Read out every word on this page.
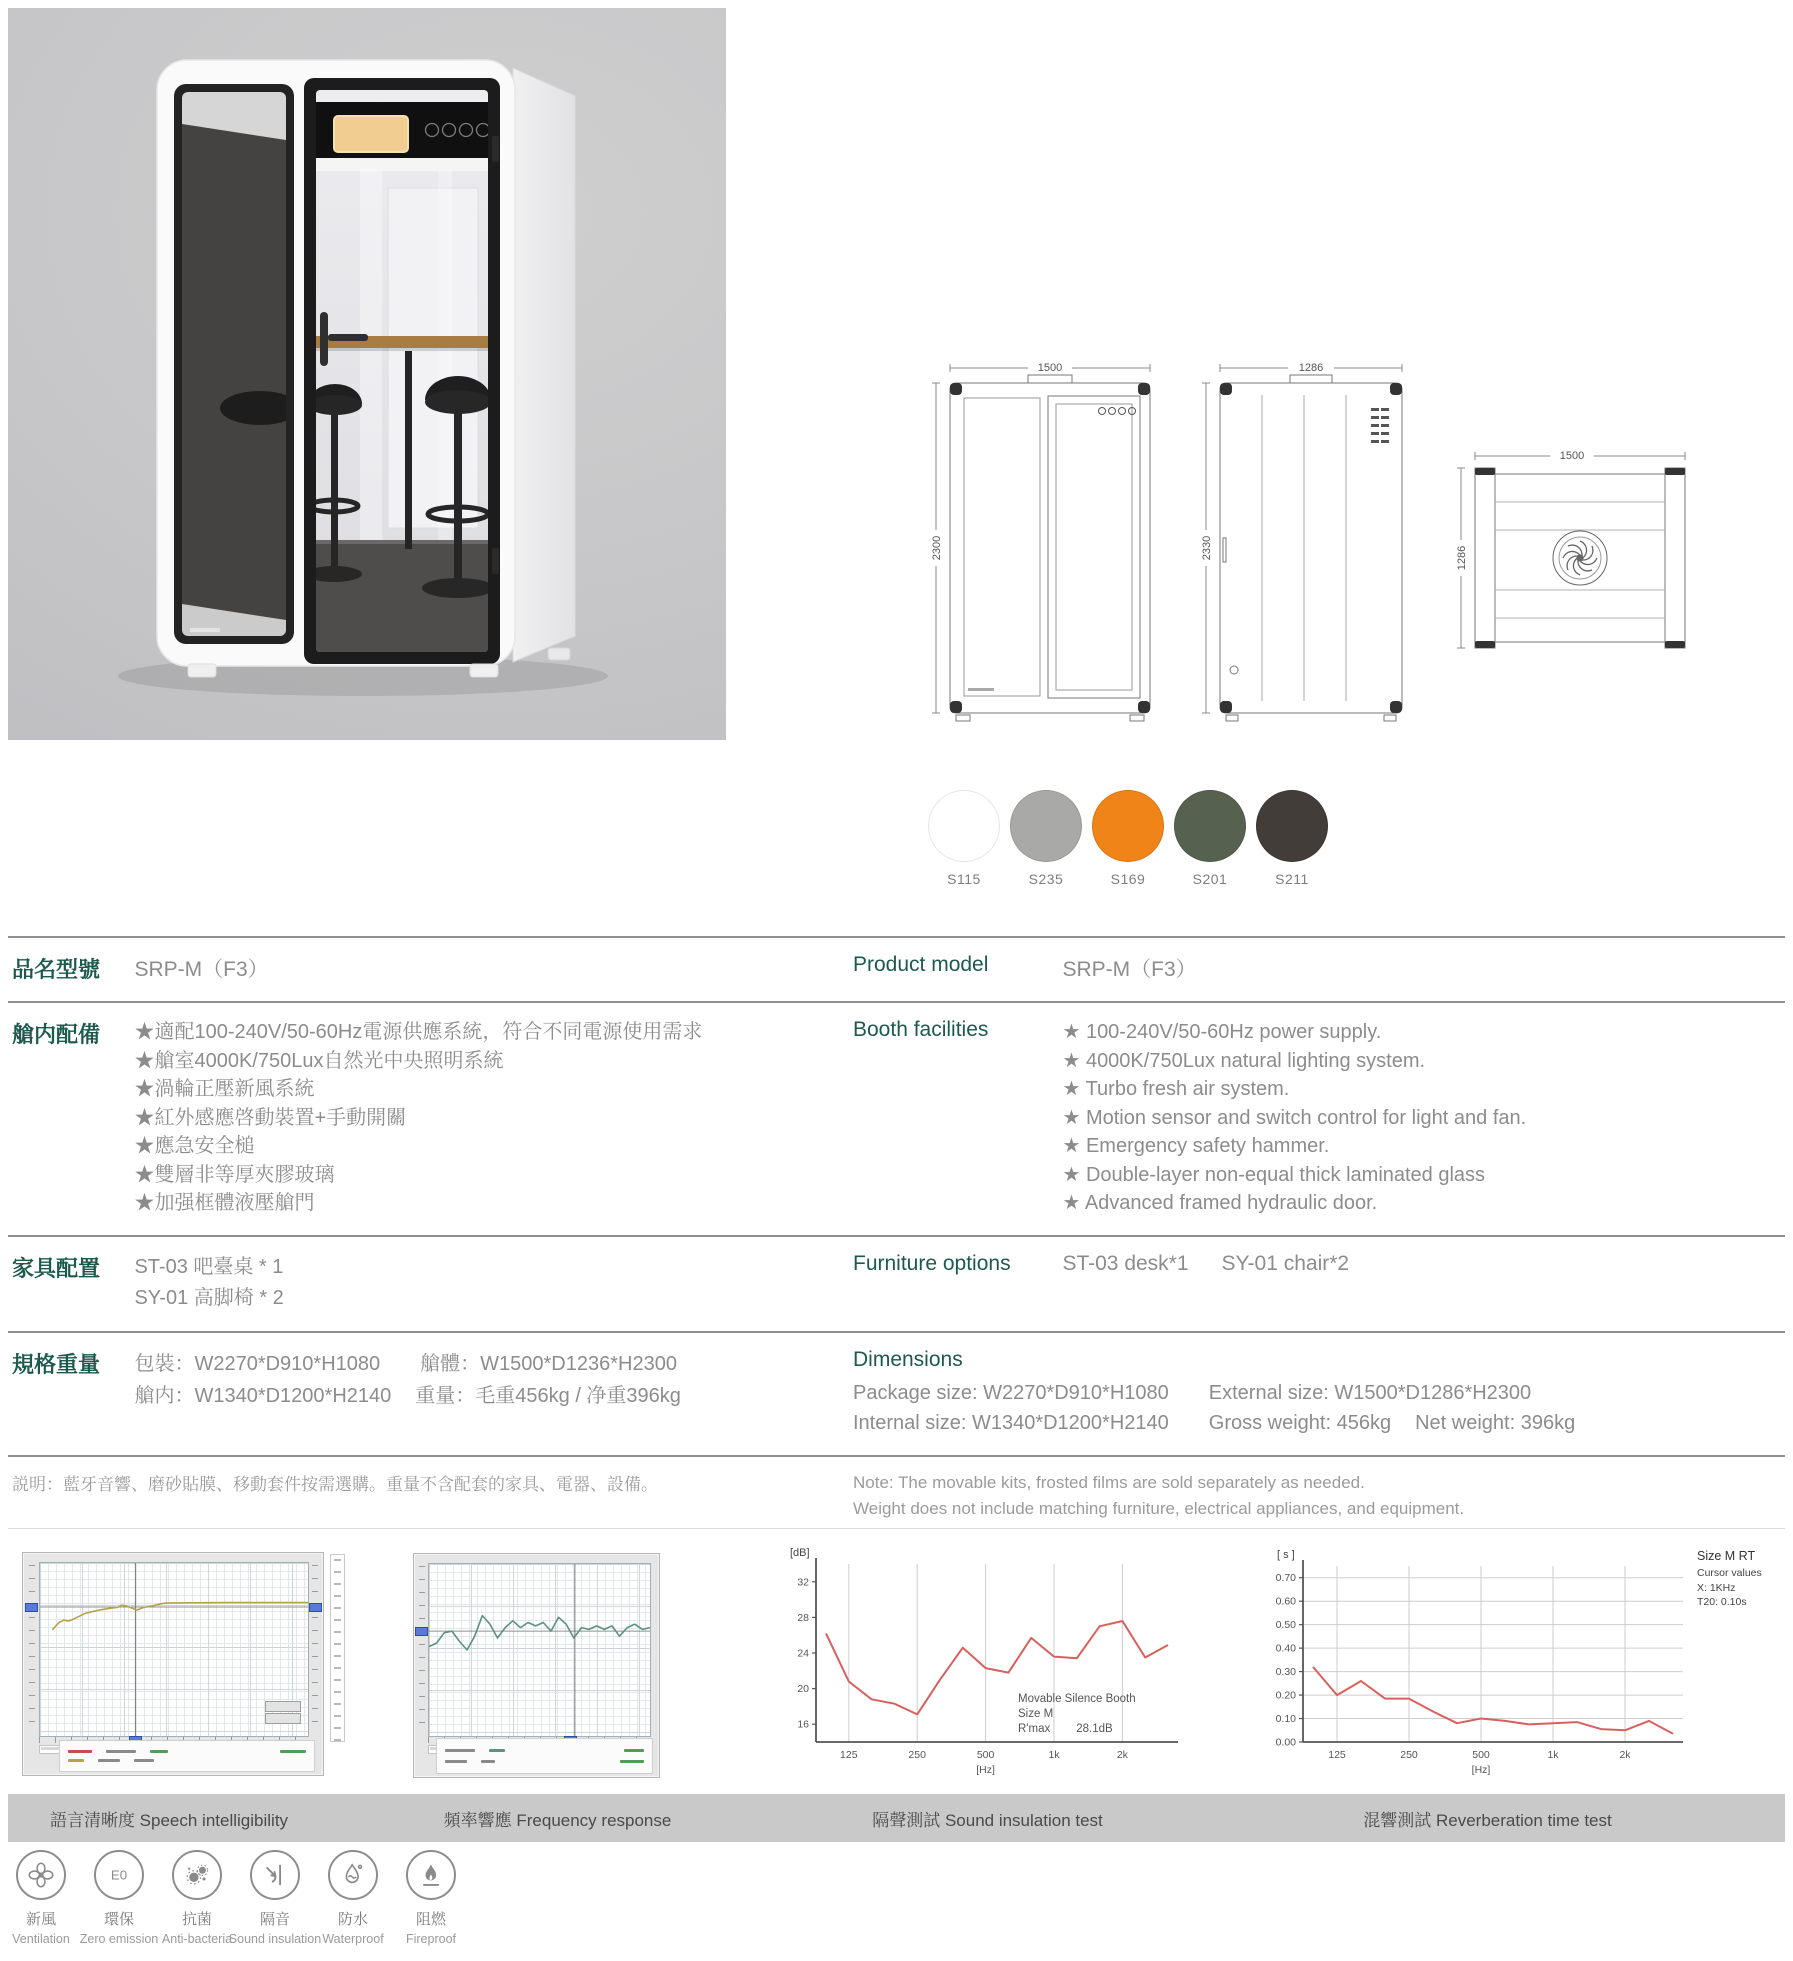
1500
2300
1286
2330
1500
1286
S115	S235	S169	S201	S211
品名型號 SRP-M（F3）	Product model	SRP-M（F3）
艙内配備 ★適配100-240V/50-60Hz電源供應系統，符合不同電源使用需求
★艙室4000K/750Lux自然光中央照明系統
★渦輪正壓新風系統
★紅外感應啓動裝置+手動開關
★應急安全槌
★雙層非等厚夾膠玻璃
★加强框體液壓艙門
Booth facilities	★ 100-240V/50-60Hz power supply.
★ 4000K/750Lux natural lighting system.
★ Turbo fresh air system.
★ Motion sensor and switch control for light and fan.
★ Emergency safety hammer.
★ Double-layer non-equal thick laminated glass
★ Advanced framed hydraulic door.
家具配置 ST-03 吧臺桌 * 1
SY-01 高脚椅 * 2
Furniture options ST-03 desk*1 SY-01 chair*2
規格重量 包裝：W2270*D910*H1080 艙體：W1500*D1236*H2300
艙内：W1340*D1200*H2140 重量：毛重456kg / 净重396kg
Dimensions
Package size: W2270*D910*H1080 External size: W1500*D1286*H2300
Internal size: W1340*D1200*H2140 Gross weight: 456kg Net weight: 396kg
説明：藍牙音響、磨砂貼膜、移動套件按需選購。重量不含配套的家具、電器、設備。	Note: The movable kits, frosted films are sold separately as needed.
Weight does not include matching furniture, electrical appliances, and equipment.
125	250	500	1k	2k
16
20
24
28
32
[dB]
[Hz]
Movable Silence Booth
Size M
R'max 28.1dB
125	250	500	1k	2k
0.00
0.10
0.20
0.30
0.40
0.50
0.60
0.70
[ s ]
[Hz]
Size M RT
Cursor values
X: 1KHz
T20: 0.10s
語言清晰度 Speech intelligibility	頻率響應 Frequency response	隔聲測試 Sound insulation test	混響測試 Reverberation time test
新風
Ventilation
E0
環保
Zero emission
抗菌
Anti-bacteria
隔音
Sound insulation
防水
Waterproof
阻燃
Fireproof
